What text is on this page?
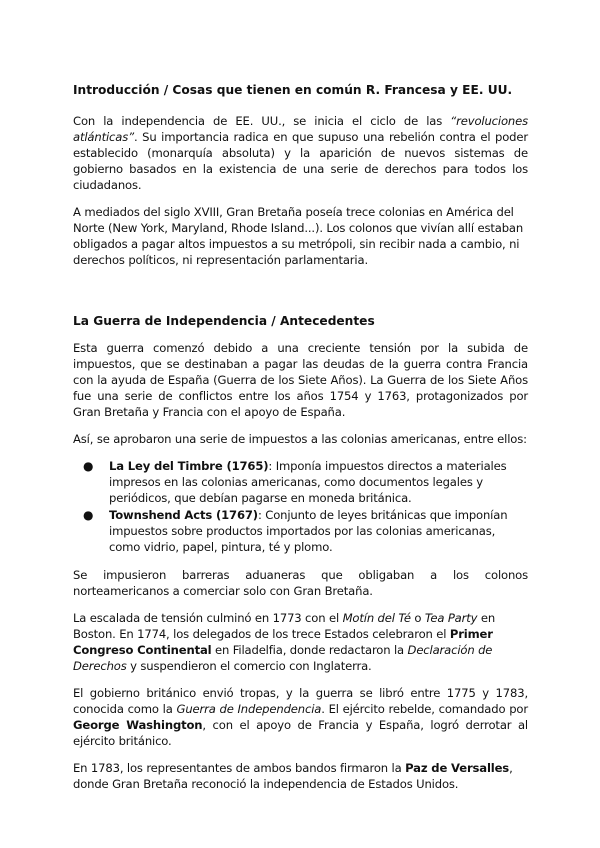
Introducción / Cosas que tienen en común R. Francesa y EE. UU.

Con la independencia de EE. UU., se inicia el ciclo de las “revoluciones atlánticas”. Su importancia radica en que supuso una rebelión contra el poder establecido (monarquía absoluta) y la aparición de nuevos sistemas de gobierno basados en la existencia de una serie de derechos para todos los ciudadanos.

A mediados del siglo XVIII, Gran Bretaña poseía trece colonias en América del Norte (New York, Maryland, Rhode Island...). Los colonos que vivían allí estaban obligados a pagar altos impuestos a su metrópoli, sin recibir nada a cambio, ni derechos políticos, ni representación parlamentaria.

La Guerra de Independencia / Antecedentes

Esta guerra comenzó debido a una creciente tensión por la subida de impuestos, que se destinaban a pagar las deudas de la guerra contra Francia con la ayuda de España (Guerra de los Siete Años). La Guerra de los Siete Años fue una serie de conflictos entre los años 1754 y 1763, protagonizados por Gran Bretaña y Francia con el apoyo de España.

Así, se aprobaron una serie de impuestos a las colonias americanas, entre ellos:

● La Ley del Timbre (1765): Imponía impuestos directos a materiales impresos en las colonias americanas, como documentos legales y periódicos, que debían pagarse en moneda británica.
● Townshend Acts (1767): Conjunto de leyes británicas que imponían impuestos sobre productos importados por las colonias americanas, como vidrio, papel, pintura, té y plomo.

Se impusieron barreras aduaneras que obligaban a los colonos norteamericanos a comerciar solo con Gran Bretaña.

La escalada de tensión culminó en 1773 con el Motín del Té o Tea Party en Boston. En 1774, los delegados de los trece Estados celebraron el Primer Congreso Continental en Filadelfia, donde redactaron la Declaración de Derechos y suspendieron el comercio con Inglaterra.

El gobierno británico envió tropas, y la guerra se libró entre 1775 y 1783, conocida como la Guerra de Independencia. El ejército rebelde, comandado por George Washington, con el apoyo de Francia y España, logró derrotar al ejército británico.

En 1783, los representantes de ambos bandos firmaron la Paz de Versalles, donde Gran Bretaña reconoció la independencia de Estados Unidos.
